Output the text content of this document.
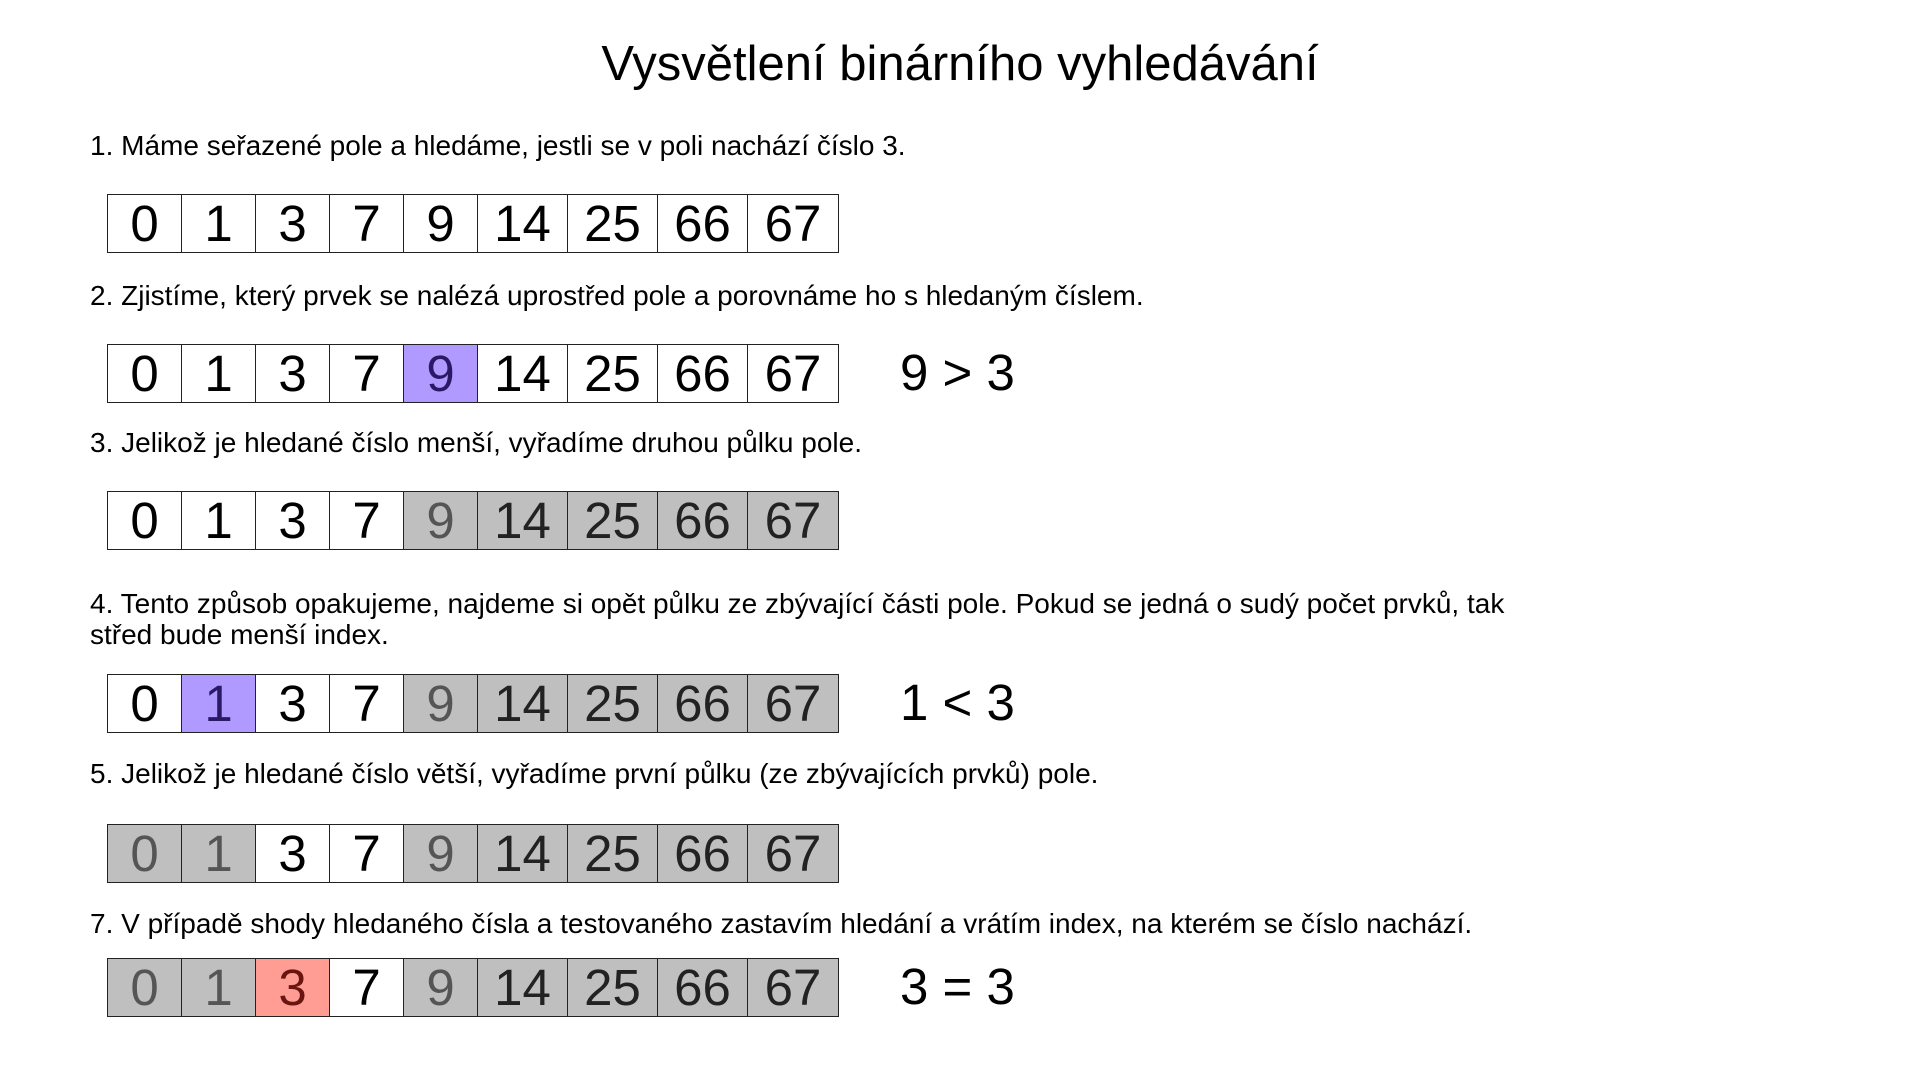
Vysvětlení binárního vyhledávání
1. Máme seřazené pole a hledáme, jestli se v poli nachází číslo 3.
0 1 3 7 9 14 25 66 67
2. Zjistíme, který prvek se nalézá uprostřed pole a porovnáme ho s hledaným číslem.
0 1 3 7 9 14 25 66 67	9 > 3
3. Jelikož je hledané číslo menší, vyřadíme druhou půlku pole.
0 1 3 7 9 14 25 66 67
4. Tento způsob opakujeme, najdeme si opět půlku ze zbývající části pole. Pokud se jedná o sudý počet prvků, tak
střed bude menší index.
0 1 3 7 9 14 25 66 67	1 < 3
5. Jelikož je hledané číslo větší, vyřadíme první půlku (ze zbývajících prvků) pole.
0 1 3 7 9 14 25 66 67
7. V případě shody hledaného čísla a testovaného zastavím hledání a vrátím index, na kterém se číslo nachází.
0 1 3 7 9 14 25 66 67	3 = 3
